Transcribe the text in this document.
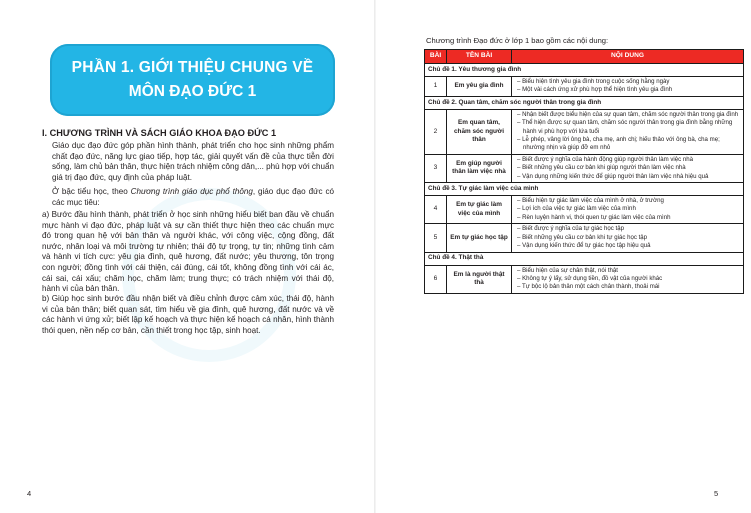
PHẦN 1. GIỚI THIỆU CHUNG VỀ
MÔN ĐẠO ĐỨC 1
I. CHƯƠNG TRÌNH VÀ SÁCH GIÁO KHOA ĐẠO ĐỨC 1
Giáo dục đạo đức góp phần hình thành, phát triển cho học sinh những phẩm chất đạo đức, năng lực giao tiếp, hợp tác, giải quyết vấn đề của thực tiễn đời sống, làm chủ bản thân, thực hiện trách nhiệm công dân,... phù hợp với chuẩn giá trị đạo đức, quy định của pháp luật.
Ở bậc tiểu học, theo Chương trình giáo dục phổ thông, giáo dục đạo đức có các mục tiêu:
a) Bước đầu hình thành, phát triển ở học sinh những hiểu biết ban đầu về chuẩn mực hành vi đạo đức, pháp luật và sự cần thiết thực hiện theo các chuẩn mực đó trong quan hệ với bản thân và người khác, với công việc, cộng đồng, đất nước, nhân loại và môi trường tự nhiên; thái độ tự trọng, tự tin; những tình cảm và hành vi tích cực: yêu gia đình, quê hương, đất nước; yêu thương, tôn trọng con người; đồng tình với cái thiện, cái đúng, cái tốt, không đồng tình với cái ác, cái sai, cái xấu; chăm học, chăm làm; trung thực; có trách nhiệm với thái độ, hành vi của bản thân.
b) Giúp học sinh bước đầu nhận biết và điều chỉnh được cảm xúc, thái độ, hành vi của bản thân; biết quan sát, tìm hiểu về gia đình, quê hương, đất nước và về các hành vi ứng xử; biết lập kế hoạch và thực hiện kế hoạch cá nhân, hình thành thói quen, nền nếp cơ bản, cần thiết trong học tập, sinh hoạt.
4
Chương trình Đạo đức ở lớp 1 bao gồm các nội dung:
BÀI	TÊN BÀI	NỘI DUNG
Chủ đề 1. Yêu thương gia đình		
1	Em yêu gia đình	– Biểu hiện tình yêu gia đình trong cuộc sống hằng ngày
– Một vài cách ứng xử phù hợp thể hiện tình yêu gia đình

Chủ đề 2. Quan tâm, chăm sóc người thân trong gia đình		
2	Em quan tâm, chăm sóc người thân	– Nhận biết được biểu hiện của sự quan tâm, chăm sóc người thân trong gia đình
– Thể hiện được sự quan tâm, chăm sóc người thân trong gia đình bằng những hành vi phù hợp với lứa tuổi
– Lễ phép, vâng lời ông bà, cha mẹ, anh chị; hiếu thảo với ông bà, cha mẹ; nhường nhịn và giúp đỡ em nhỏ

3	Em giúp người thân làm việc nhà	– Biết được ý nghĩa của hành động giúp người thân làm việc nhà
– Biết những yêu cầu cơ bản khi giúp người thân làm việc nhà
– Vận dụng những kiến thức để giúp người thân làm việc nhà hiệu quả

Chủ đề 3. Tự giác làm việc của mình		
4	Em tự giác làm việc của mình	– Biểu hiện tự giác làm việc của mình ở nhà, ở trường
– Lợi ích của việc tự giác làm việc của mình
– Rèn luyện hành vi, thói quen tự giác làm việc của mình

5	Em tự giác học tập	– Biết được ý nghĩa của tự giác học tập
– Biết những yêu cầu cơ bản khi tự giác học tập
– Vận dụng kiến thức để tự giác học tập hiệu quả

Chủ đề 4. Thật thà		
6	Em là người thật thà	– Biểu hiện của sự chân thật, nói thật
– Không tự ý lấy, sử dụng tiền, đồ vật của người khác
– Tự bộc lộ bản thân một cách chân thành, thoải mái
5
